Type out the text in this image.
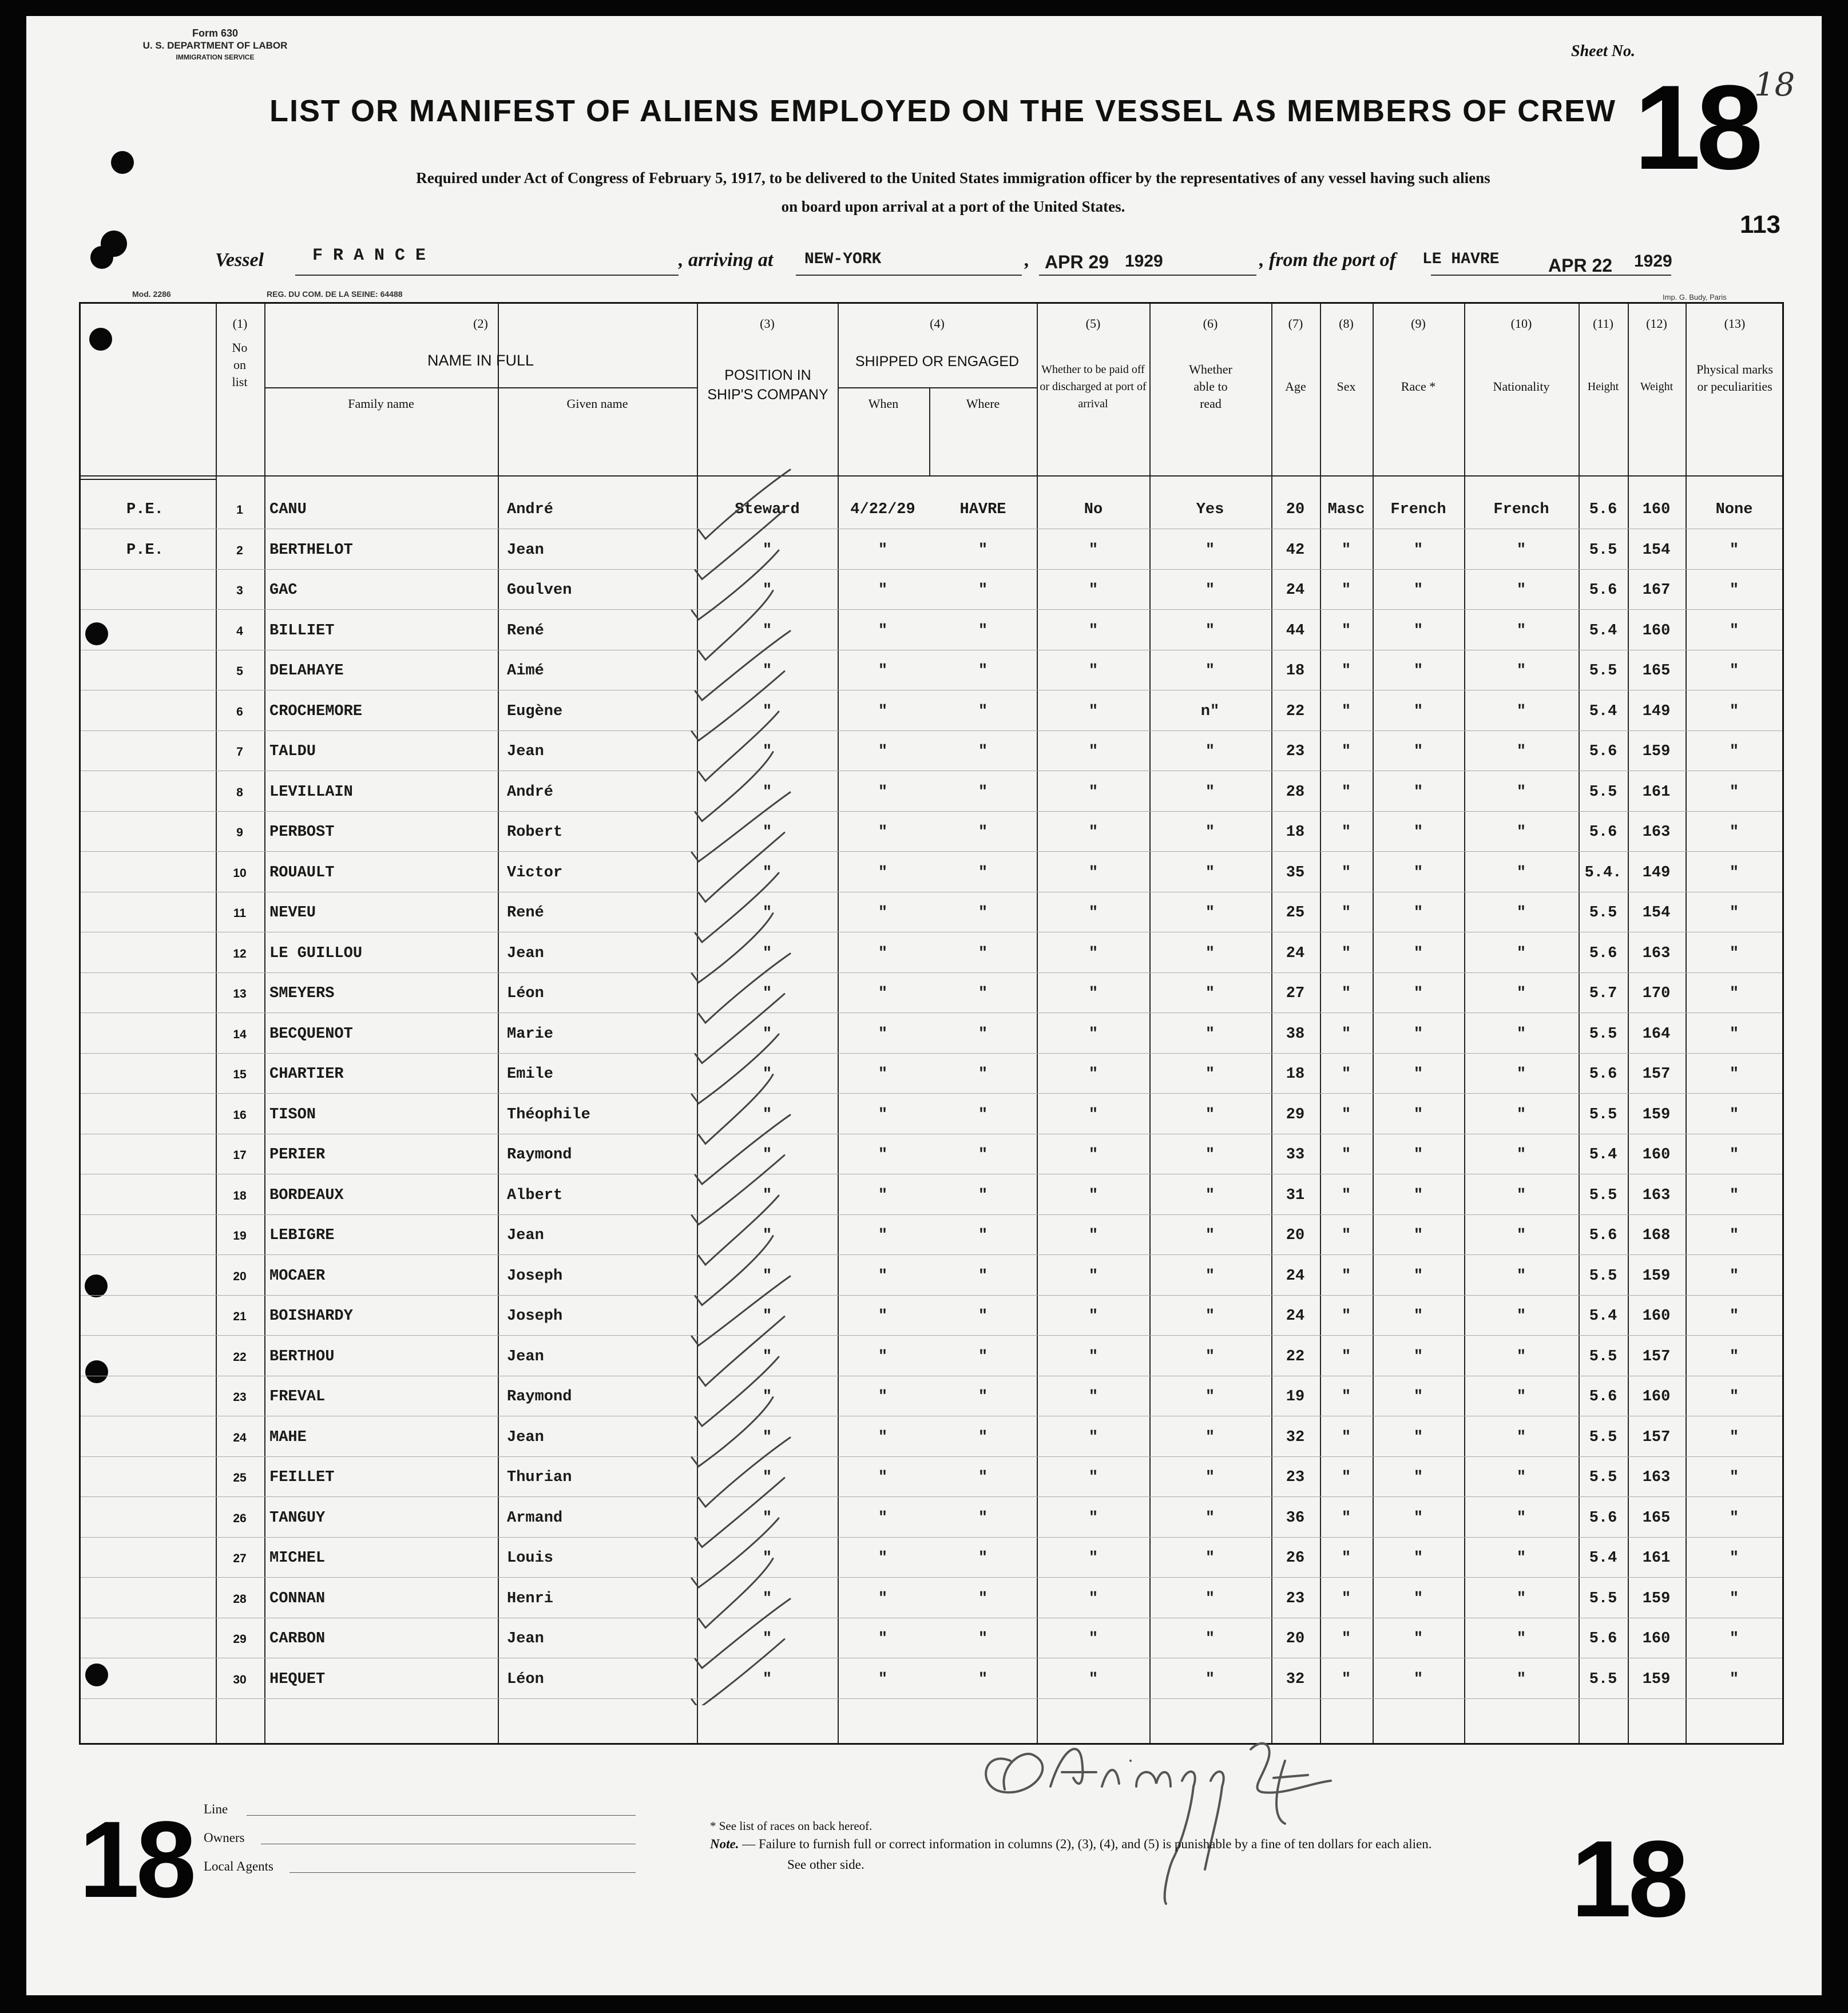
Form 630
U. S. DEPARTMENT OF LABOR
IMMIGRATION SERVICE	Sheet No.
18
18
113
LIST OR MANIFEST OF ALIENS EMPLOYED ON THE VESSEL AS MEMBERS OF CREW
Required under Act of Congress of February 5, 1917, to be delivered to the United States immigration officer by the representatives of any vessel having such aliens
on board upon arrival at a port of the United States.
Vessel	F R A N C E	, arriving at NEW-YORK	, APR 29 1929	, from the port of LE HAVRE	APR 22 1929
Mod. 2286	REG. DU COM. DE LA SEINE: 64488	Imp. G. Budy, Paris
(1)
No on list
(2)
NAME IN FULL
Family name	Given name
(3)
POSITION IN SHIP'S COMPANY
(4)
SHIPPED OR ENGAGED
When	Where
(5)
Whether to be paid off or discharged at port of arrival
(6)
Whether able to read
(7)
Age
(8)
Sex
(9)
Race *
(10)
Nationality
(11)
Height
(12)
Weight
(13)
Physical marks or peculiarities
P.E.	1 CANU	André	Steward	4/22/29	HAVRE	No	Yes	20 Masc French	French	5.6 160	None
P.E.	2 BERTHELOT	Jean	"	"	"	"	"	42 "	"	"	5.5 154	"
3 GAC	Goulven	"	"	"	"	"	24 "	"	"	5.6 167	"
4 BILLIET	René	"	"	"	"	"	44 "	"	"	5.4 160	"
5 DELAHAYE	Aimé	"	"	"	"	"	18 "	"	"	5.5 165	"
6 CROCHEMORE	Eugène	"	"	"	"	n"	22 "	"	"	5.4 149	"
7 TALDU	Jean	"	"	"	"	"	23 "	"	"	5.6 159	"
8 LEVILLAIN	André	"	"	"	"	"	28 "	"	"	5.5 161	"
9 PERBOST	Robert	"	"	"	"	"	18 "	"	"	5.6 163	"
10 ROUAULT	Victor	"	"	"	"	"	35 "	"	"	5.4. 149	"
11 NEVEU	René	"	"	"	"	"	25 "	"	"	5.5 154	"
12 LE GUILLOU	Jean	"	"	"	"	"	24 "	"	"	5.6 163	"
13 SMEYERS	Léon	"	"	"	"	"	27 "	"	"	5.7 170	"
14 BECQUENOT	Marie	"	"	"	"	"	38 "	"	"	5.5 164	"
15 CHARTIER	Emile	"	"	"	"	"	18 "	"	"	5.6 157	"
16 TISON	Théophile	"	"	"	"	"	29 "	"	"	5.5 159	"
17 PERIER	Raymond	"	"	"	"	"	33 "	"	"	5.4 160	"
18 BORDEAUX	Albert	"	"	"	"	"	31 "	"	"	5.5 163	"
19 LEBIGRE	Jean	"	"	"	"	"	20 "	"	"	5.6 168	"
20 MOCAER	Joseph	"	"	"	"	"	24 "	"	"	5.5 159	"
21 BOISHARDY	Joseph	"	"	"	"	"	24 "	"	"	5.4 160	"
22 BERTHOU	Jean	"	"	"	"	"	22 "	"	"	5.5 157	"
23 FREVAL	Raymond	"	"	"	"	"	19 "	"	"	5.6 160	"
24 MAHE	Jean	"	"	"	"	"	32 "	"	"	5.5 157	"
25 FEILLET	Thurian	"	"	"	"	"	23 "	"	"	5.5 163	"
26 TANGUY	Armand	"	"	"	"	"	36 "	"	"	5.6 165	"
27 MICHEL	Louis	"	"	"	"	"	26 "	"	"	5.4 161	"
28 CONNAN	Henri	"	"	"	"	"	23 "	"	"	5.5 159	"
29 CARBON	Jean	"	"	"	"	"	20 "	"	"	5.6 160	"
30 HEQUET	Léon	"	"	"	"	"	32 "	"	"	5.5 159	"
18	18
Line
Owners
Local Agents
* See list of races on back hereof.
Note. — Failure to furnish full or correct information in columns (2), (3), (4), and (5) is punishable by a fine of ten dollars for each alien.
See other side.
